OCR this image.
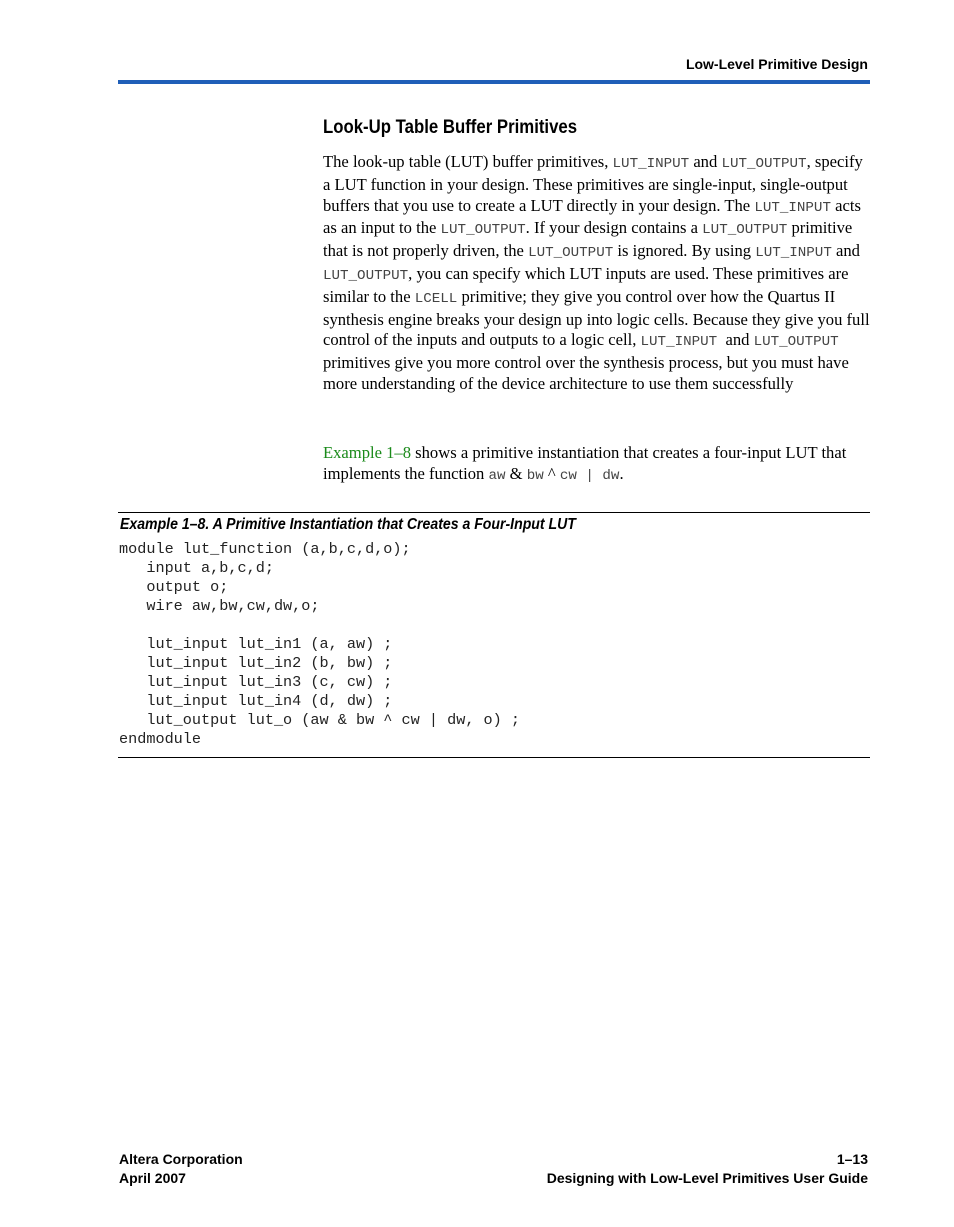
Low-Level Primitive Design
Look-Up Table Buffer Primitives

The look-up table (LUT) buffer primitives, LUT_INPUT and LUT_OUTPUT, specify a LUT function in your design. These primitives are single-input, single-output buffers that you use to create a LUT directly in your design. The LUT_INPUT acts as an input to the LUT_OUTPUT. If your design contains a LUT_OUTPUT primitive that is not properly driven, the LUT_OUTPUT is ignored. By using LUT_INPUT and LUT_OUTPUT, you can specify which LUT inputs are used. These primitives are similar to the LCELL primitive; they give you control over how the Quartus II synthesis engine breaks your design up into logic cells. Because they give you full control of the inputs and outputs to a logic cell, LUT_INPUT  and LUT_OUTPUT primitives give you more control over the synthesis process, but you must have more understanding of the device architecture to use them successfully

Example 1–8 shows a primitive instantiation that creates a four-input LUT that implements the function aw & bw ^ cw | dw.

Example 1–8. A Primitive Instantiation that Creates a Four-Input LUT
module lut_function (a,b,c,d,o);
input a,b,c,d;
output o;
wire aw,bw,cw,dw,o;
lut_input lut_in1 (a, aw) ;
lut_input lut_in2 (b, bw) ;
lut_input lut_in3 (c, cw) ;
lut_input lut_in4 (d, dw) ;
lut_output lut_o (aw & bw ^ cw | dw, o) ;
endmodule
Altera Corporation
April 2007
1–13
Designing with Low-Level Primitives User Guide
